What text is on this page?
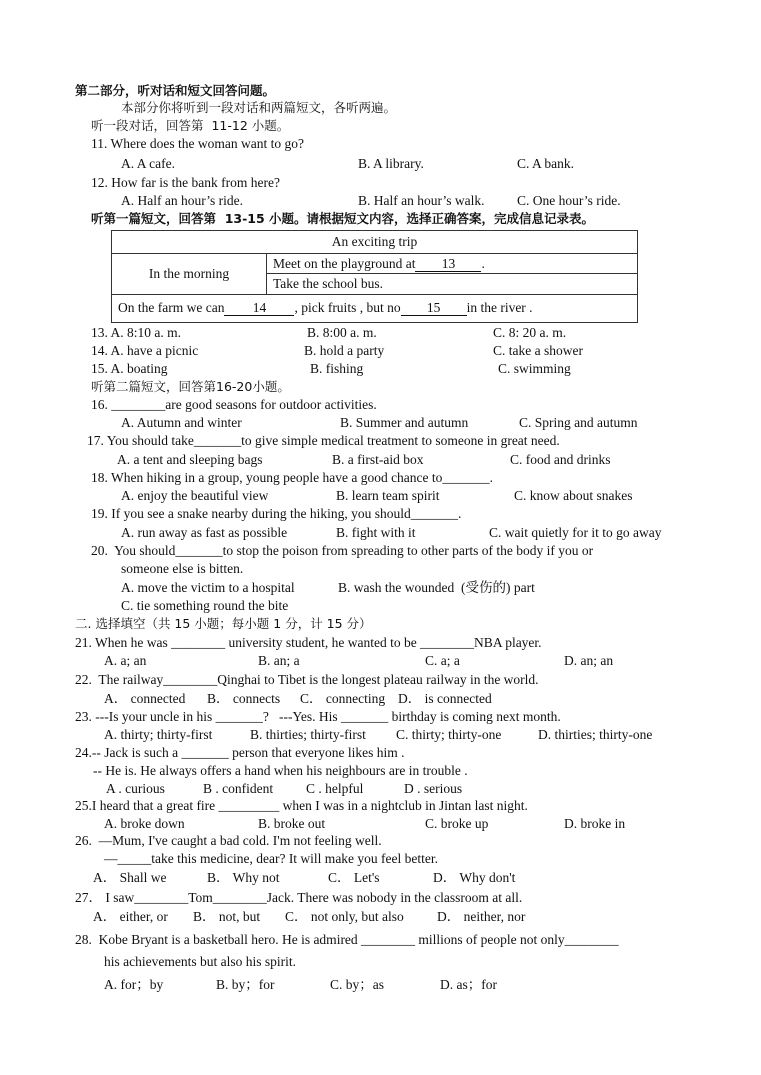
第二部分，听对话和短文回答问题。
本部分你将听到一段对话和两篇短文，各听两遍。
听一段对话，回答第  11-12 小题。
11. Where does the woman want to go?
A. A cafe.	B. A library.	C. A bank.
12. How far is the bank from here?
A. Half an hour’s ride.	B. Half an hour’s walk. C. One hour’s ride.
听第一篇短文，回答第  13-15 小题。请根据短文内容，选择正确答案，完成信息记录表。
An exciting trip
In the morning	Meet on the playground at 13 .
Take the school bus.
On the farm we can 14 , pick fruits , but no 15 in the river .
13. A. 8:10 a. m.	B. 8:00 a. m.	C. 8: 20 a. m.
14. A. have a picnic	B. hold a party	C. take a shower
15. A. boating	B. fishing	C. swimming
听第二篇短文，回答第16-20小题。
16. ________are good seasons for outdoor activities.
A. Autumn and winter	B. Summer and autumn	C. Spring and autumn
17. You should take_______to give simple medical treatment to someone in great need.
A. a tent and sleeping bags	B. a first-aid box	C. food and drinks
18. When hiking in a group, young people have a good chance to_______.
A. enjoy the beautiful view	B. learn team spirit	C. know about snakes
19. If you see a snake nearby during the hiking, you should_______.
A. run away as fast as possible	B. fight with it	C. wait quietly for it to go away
20.  You should_______to stop the poison from spreading to other parts of the body if you or
someone else is bitten.
A. move the victim to a hospital	B. wash the wounded  (受伤的) part
C. tie something round the bite
二. 选择填空（共 15 小题；每小题 1 分，计 15 分）
21. When he was ________ university student, he wanted to be ________NBA player.
A. a; an	B. an; a	C. a; a	D. an; an
22.  The railway________Qinghai to Tibet is the longest plateau railway in the world.
A． connected B． connects C． connecting D． is connected
23. ---Is your uncle in his _______?   ---Yes. His _______ birthday is coming next month.
A. thirty; thirty-first	B. thirties; thirty-first C. thirty; thirty-one	D. thirties; thirty-one
24.-- Jack is such a _______ person that everyone likes him .
-- He is. He always offers a hand when his neighbours are in trouble .
A . curious	B . confident C . helpful	D . serious
25.I heard that a great fire _________ when I was in a nightclub in Jintan last night.
A. broke down	B. broke out	C. broke up	D. broke in
26.  —Mum, I've caught a bad cold. I'm not feeling well.
—_____take this medicine, dear? It will make you feel better.
A． Shall we	B． Why not	C． Let's	D． Why don't
27． I saw________Tom________Jack. There was nobody in the classroom at all.
A． either, or B． not, but C． not only, but also D． neither, nor
28.  Kobe Bryant is a basketball hero. He is admired ________ millions of people not only________
his achievements but also his spirit.
A. for；by	B. by；for	C. by；as	D. as；for
